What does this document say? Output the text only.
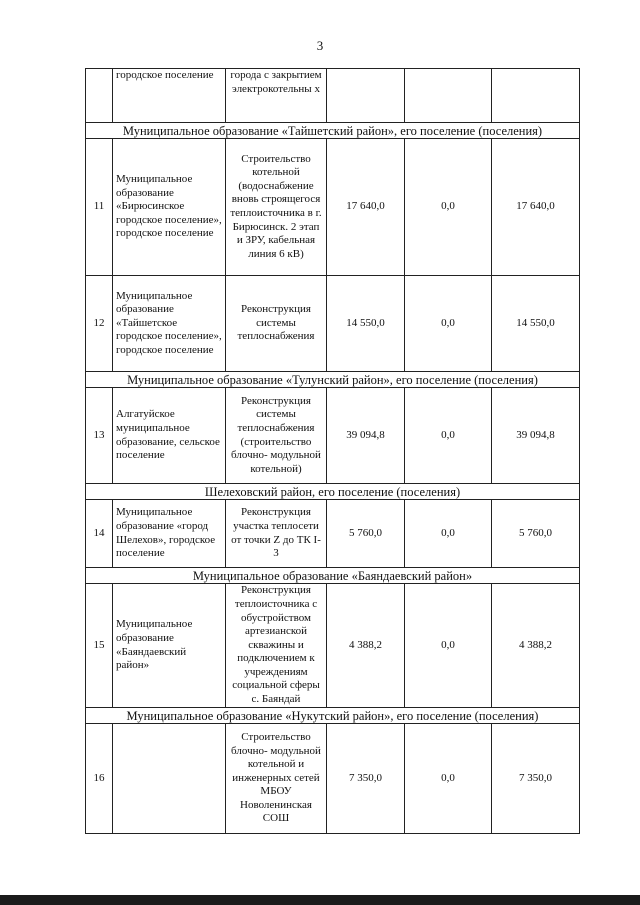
3
	городское поселение	города с закрытием электрокотельны х			
Муниципальное образование «Тайшетский район», его поселение (поселения)					
11	Муниципальное образование «Бирюсинское городское поселение», городское поселение	Строительство котельной (водоснабжение вновь строящегося теплоисточника в г. Бирюсинск. 2 этап и ЗРУ, кабельная линия 6 кВ)	17 640,0	0,0	17 640,0
12	Муниципальное образование «Тайшетское городское поселение», городское поселение	Реконструкция системы теплоснабжения	14 550,0	0,0	14 550,0
Муниципальное образование «Тулунский район», его поселение (поселения)					
13	Алгатуйское муниципальное образование, сельское поселение	Реконструкция системы теплоснабжения (строительство блочно- модульной котельной)	39 094,8	0,0	39 094,8
Шелеховский район, его поселение (поселения)					
14	Муниципальное образование «город Шелехов», городское поселение	Реконструкция участка теплосети от точки Z до ТК I-3	5 760,0	0,0	5 760,0
Муниципальное образование «Баяндаевский район»					
15	Муниципальное образование «Баяндаевский район»	Реконструкция теплоисточника с обустройством артезианской скважины и подключением к учреждениям социальной сферы с. Баяндай	4 388,2	0,0	4 388,2
Муниципальное образование «Нукутский район», его поселение (поселения)					
16		Строительство блочно- модульной котельной и инженерных сетей МБОУ Новоленинская СОШ	7 350,0	0,0	7 350,0
